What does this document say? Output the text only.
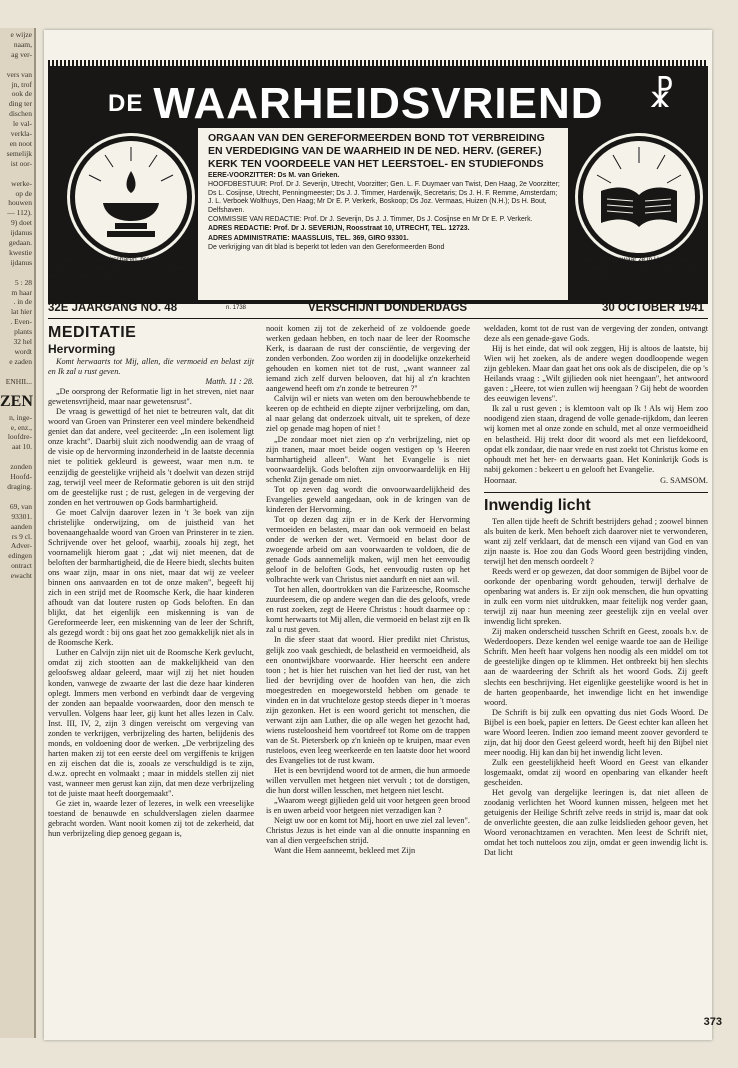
e wijze
naam,
ag ver-

vers van
jn, trof
ook de
ding ter
dischen
le val-
verkla-
en noot
semelijk
ist oor-

werke-
op de
houwen
— 112).
9) doet
ijdanus
gedaan.
kwestie
ijdanus

5 : 28
m haar
. in de
lat hier
. Even-
plants
32 hel
wordt
e zaden

ENHIL..
ZEN
n, inge-
e, enz.,
loofdre-
aat 10.

zonden
Hoofd-
draging.

69, van
93301.
aanden
rs 9 cl.
Adver-
edingen
ontract
ewacht
$^{DE}$ WAARHEIDSVRIEND ☧
ORGAAN VAN DEN GEREFORMEERDEN BOND TOT VERBREIDING
EN VERDEDIGING VAN DE WAARHEID IN DE NED. HERV. (GEREF.)
KERK TEN VOORDEELE VAN HET LEERSTOEL- EN STUDIEFONDS
EERE-VOORZITTER: Ds M. van Grieken.
HOOFDBESTUUR: Prof. Dr J. Severijn, Utrecht, Voorzitter; Gen. L. F. Duymaer van Twist, Den Haag, 2e Voorzitter; Ds L. Cosijnse, Utrecht, Penningmeester; Ds J. J. Timmer, Harderwijk, Secretaris; Ds J. H. F. Remme, Amsterdam; J. L. Verboek Wolthuys, Den Haag; Mr Dr E. P. Verkerk, Boskoop; Ds Joz. Vermaas, Huizen (N.H.); Ds H. Bout, Delfshaven.
COMMISSIE VAN REDACTIE: Prof. Dr J. Severijn, Ds J. J. Timmer, Ds J. Cosijnse en Mr Dr E. P. Verkerk.
ADRES REDACTIE: Prof. Dr J. SEVERIJN, Roosstraat 10, UTRECHT, TEL. 12723.
ADRES ADMINISTRATIE: MAASSLUIS, TEL. 369, GIRO 93301.
De verkrijging van dit blad is beperkt tot leden van den Gereformeerden Bond
O Heere, God der heirscharen, breng ons weder; doet Uw aanschijn lichten, zoo zullen wij verlost worden. Psalm 80 : 20
Heilige Vader! bewaar ze in Uwen Naam, die Gij mij gegeven hebt, opdat zij één zijn gelijk als wij. Johannes 17 : 11 b
32E JAARGANG NO. 48	n. 1738	VERSCHIJNT DONDERDAGS	30 OCTOBER 1941
MEDITATIE
Hervorming

Komt herwaarts tot Mij, allen, die vermoeid en belast zijt en Ik zal u rust geven.

Matth. 11 : 28.

„De oorsprong der Reformatie ligt in het streven, niet naar gewetensvrijheid, maar naar gewetensrust".

De vraag is gewettigd of het niet te betreuren valt, dat dit woord van Groen van Prinsterer een veel mindere bekendheid geniet dan dat andere, veel geciteerde: „In een isolement ligt onze kracht". Daarbij sluit zich noodwendig aan de vraag of de visie op de hervorming inzonderheid in de laatste decennia niet te politiek gekleurd is geweest, waar men n.m. te eenzijdig de geestelijke vrijheid als 't doelwit van dezen strijd zag, terwijl veel meer de Reformatie geboren is uit den strijd om de geestelijke rust ; de rust, gelegen in de vergeving der zonden en het vertrouwen op Gods barmhartigheid.

Ge moet Calvijn daarover lezen in 't 3e boek van zijn christelijke onderwijzing, om de juistheid van het bovenaangehaalde woord van Groen van Prinsterer in te zien. Schrijvende over het geloof, waarbij, zooals hij zegt, het voornamelijk hierom gaat ; „dat wij niet meenen, dat de beloften der barmhartigheid, die de Heere biedt, slechts buiten ons waar zijn, maar in ons niet, maar dat wij ze veeleer binnen ons aanvaarden en tot de onze maken", begeeft hij zich in een strijd met de Roomsche Kerk, die haar kinderen afhoudt van dat loutere rusten op Gods beloften. En dan blijkt, dat het eigenlijk een miskenning is van de Gereformeerde leer, een miskenning van de leer der Schrift, als gezegd wordt : bij ons gaat het zoo gemakkelijk niet als in de Roomsche Kerk.

Luther en Calvijn zijn niet uit de Roomsche Kerk gevlucht, omdat zij zich stootten aan de makkelijkheid van den geloofsweg aldaar geleerd, maar wijl zij het niet houden konden, vanwege de zwaarte der last die deze haar kinderen oplegt. Immers men verbond en verbindt daar de vergeving der zonden aan bepaalde voorwaarden, door den mensch te vervullen. Volgens haar leer, gij kunt het alles lezen in Calv. Inst. III, IV, 2, zijn 3 dingen vereischt om vergeving van zonden te verkrijgen, verbrijzeling des harten, belijdenis des monds, en voldoening door de werken. „De verbrijzeling des harten maken zij tot een eerste deel om vergiffenis te krijgen en zij eischen dat die is, zooals ze verschuldigd is te zijn, d.w.z. oprecht en volmaakt ; maar in middels stellen zij niet vast, wanneer men gerust kan zijn, dat men deze verbrijzeling tot de juiste maat heeft doorgemaakt".

Ge ziet in, waarde lezer of lezeres, in welk een vreeselijke toestand de benauwde en schuldverslagen zielen daarmee gebracht worden. Want nooit komen zij tot de zekerheid, dat hun verbrijzeling diep genoeg gegaan is,

nooit komen zij tot de zekerheid of ze voldoende goede werken gedaan hebben, en toch naar de leer der Roomsche Kerk, is daaraan de rust der consciëntie, de vergeving der zonden verbonden. Zoo worden zij in doodelijke onzekerheid gehouden en komen niet tot de rust, „want wanneer zal iemand zich zelf durven belooven, dat hij al z'n krachten aangewend heeft om z'n zonde te betreuren ?"

Calvijn wil er niets van weten om den berouwhebbende te keeren op de echtheid en diepte zijner verbrijzeling, om dan, al naar gelang dat onderzoek uitvalt, uit te spreken, of deze ziel op genade mag hopen of niet !

„De zondaar moet niet zien op z'n verbrijzeling, niet op zijn tranen, maar moet beide oogen vestigen op 's Heeren barmhartigheid alleen". Want het Evangelie is niet voorwaardelijk. Gods beloften zijn onvoorwaardelijk en Hij schenkt Zijn genade om niet.

Tot op zeven dag wordt die onvoorwaardelijkheid des Evangelies geweld aangedaan, ook in de kringen van de kinderen der Hervorming.

Tot op dezen dag zijn er in de Kerk der Hervorming vermoeiden en belasten, maar dan ook vermoeid en belast onder de werken der wet. Vermoeid en belast door de zwoegende arbeid om aan voorwaarden te voldoen, die de genade Gods aannemelijk maken, wijl men het eenvoudig geloof in de beloften Gods, het eenvoudig rusten op het volbrachte werk van Christus niet aandurft en niet aan wil.

Tot hen allen, doortrokken van die Farizeesche, Roomsche zuurdeesem, die op andere wegen dan die des geloofs, vrede en rust zoeken, zegt de Heere Christus : houdt daarmee op : komt herwaarts tot Mij allen, die vermoeid en belast zijt en Ik zal u rust geven.

In die sfeer staat dat woord. Hier predikt niet Christus, gelijk zoo vaak geschiedt, de belastheid en vermoeidheid, als een onontwijkbare voorwaarde. Hier heerscht een andere toon ; het is hier het ruischen van het lied der rust, van het lied der bevrijding over de hoofden van hen, die zich moegestreden en moegeworsteld hebben om genade te vinden en in dat vruchteloze gestop steeds dieper in 't moeras zijn gezonken. Het is een woord gericht tot menschen, die verwant zijn aan Luther, die op alle wegen het gezocht had, wiens rusteloosheid hem voortdreef tot Rome om de trappen van de St. Pietersberk op z'n knieën op te kruipen, maar even rusteloos, even leeg weerkeerde en ten laatste door het woord des Evangelies tot de rust kwam.

Het is een bevrijdend woord tot de armen, die hun armoede willen vervullen met hetgeen niet vervult ; tot de dorstigen, die hun dorst willen lesschen, met hetgeen niet lescht.

„Waarom weegt gijlieden geld uit voor hetgeen geen brood is en uwen arbeid voor hetgeen niet verzadigen kan ?

Neigt uw oor en komt tot Mij, hoort en uwe ziel zal leven". Christus Jezus is het einde van al die onnutte inspanning en van al dien vergeefschen strijd.

Want die Hem aanneemt, bekleed met Zijn

weldaden, komt tot de rust van de vergeving der zonden, ontvangt deze als een genade-gave Gods.

Hij is het einde, dat wil ook zeggen, Hij is altoos de laatste, bij Wien wij het zoeken, als de andere wegen doodloopende wegen zijn gebleken. Maar dan gaat het ons ook als de discipelen, die op 's Heilands vraag : „Wilt gijlieden ook niet heengaan", het antwoord gaven : „Heere, tot wien zullen wij heengaan ? Gij hebt de woorden des eeuwigen levens".

Ik zal u rust geven ; is klemtoon valt op Ik ! Als wij Hem zoo noodigend zien staan, dragend de volle genade-rijkdom, dan leeren wij komen met al onze zonde en schuld, met al onze vermoeidheid en belastheid. Hij trekt door dit woord als met een liefdekoord, opdat elk zondaar, die naar vrede en rust zoekt tot Christus kome en ophoudt met het her- en derwaarts gaan. Het Koninkrijk Gods is nabij gekomen : bekeert u en gelooft het Evangelie.

Hoornaar.	G. SAMSOM.
Inwendig licht

Ten allen tijde heeft de Schrift bestrijders gehad ; zoowel binnen als buiten de kerk. Men behoeft zich daarover niet te verwonderen, want zij zelf verklaart, dat de mensch een vijand van God en van zijn naaste is. Hoe zou dan Gods Woord geen bestrijding vinden, terwijl het den mensch oordeelt ?

Reeds werd er op gewezen, dat door sommigen de Bijbel voor de oorkonde der openbaring wordt gehouden, terwijl derhalve de openbaring wat anders is. Er zijn ook menschen, die hun opvatting in zulk een vorm niet uitdrukken, maar feitelijk nog verder gaan, terwijl zij naar hun meening zeer geestelijk zijn en veelal over inwendig licht spreken.

Zij maken onderscheid tusschen Schrift en Geest, zooals b.v. de Wederdoopers. Deze kenden wel eenige waarde toe aan de Heilige Schrift. Men heeft haar volgens hen noodig als een middel om tot de geestelijke dingen op te klimmen. Het ontbreekt bij hen slechts aan de waardeering der Schrift als het woord Gods. Zij geeft slechts een beschrijving. Het eigenlijke geestelijke woord is het in de harten geopenbaarde, het inwendige licht en het inwendige woord.

De Schrift is bij zulk een opvatting dus niet Gods Woord. De Bijbel is een boek, papier en letters. De Geest echter kan alleen het ware Woord leeren. Indien zoo iemand meent zoover gevorderd te zijn, dat hij door den Geest geleerd wordt, heeft hij den Bijbel niet meer noodig. Hij kan dan bij het inwendig licht leven.

Zulk een geestelijkheid heeft Woord en Geest van elkander losgemaakt, omdat zij woord en openbaring van elkander heeft gescheiden.

Het gevolg van dergelijke leeringen is, dat niet alleen de zoodanig verlichten het Woord kunnen missen, helgeen met het getuigenis der Heilige Schrift zelve reeds in strijd is, maar dat ook de onverlichte geesten, die aan zulke leidslieden gehoor geven, het Woord veronachtzamen en verachten. Men leest de Schrift niet, omdat het toch nutteloos zou zijn, omdat er geen inwendig licht is. Dat licht

373
